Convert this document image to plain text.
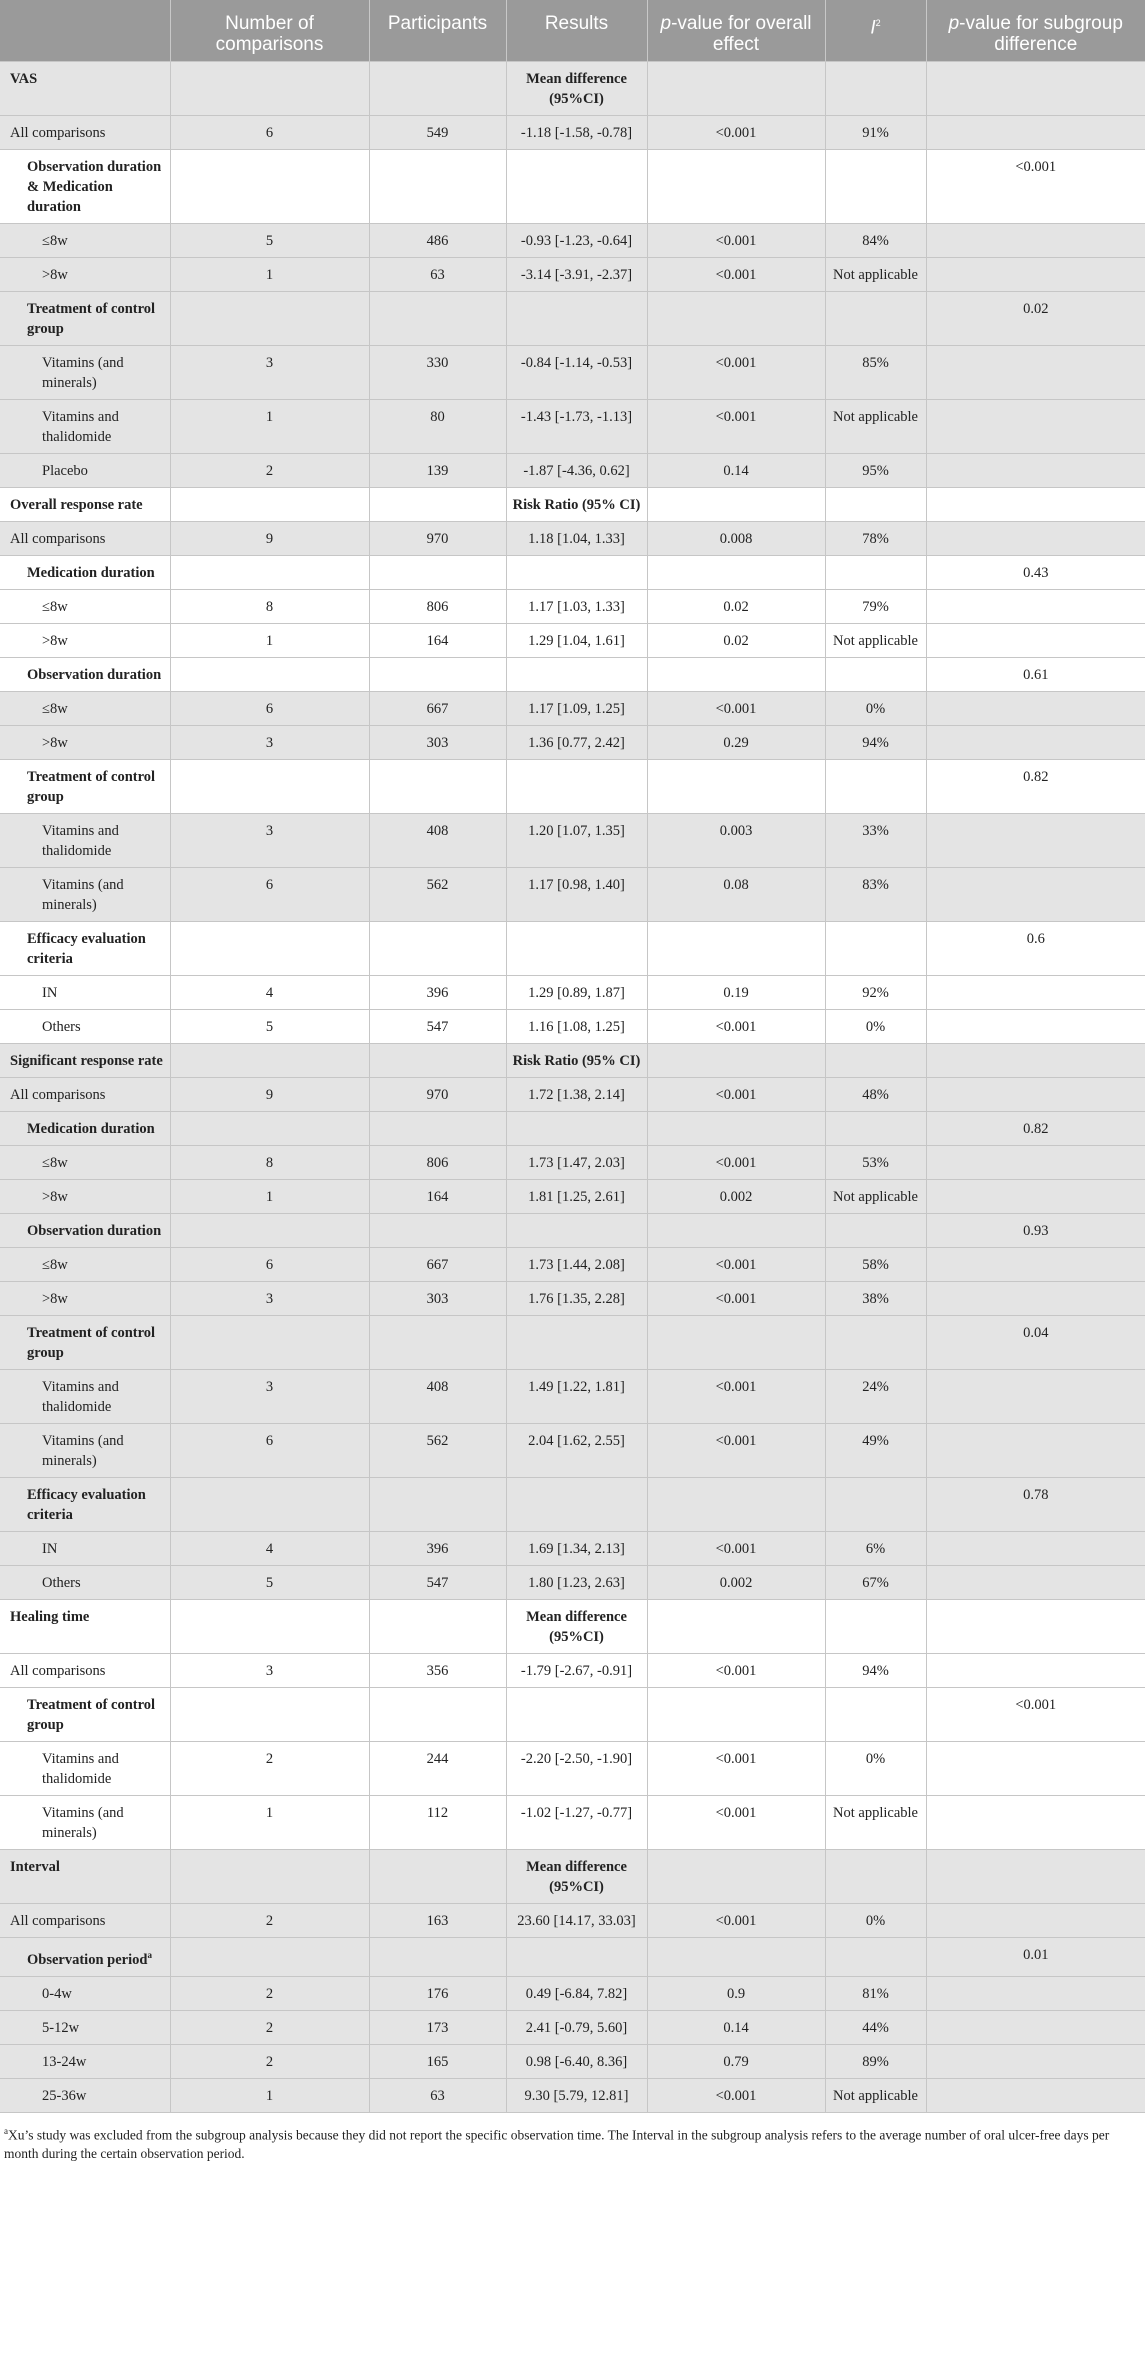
	Number of comparisons	Participants	Results	p-value for overall effect	$I^2$	p-value for subgroup difference
VAS			Mean difference (95%CI)			
All comparisons	6	549	-1.18 [-1.58, -0.78]	<0.001	91%	
Observation duration & Medication duration						<0.001
≤8w	5	486	-0.93 [-1.23, -0.64]	<0.001	84%	
>8w	1	63	-3.14 [-3.91, -2.37]	<0.001	Not applicable	
Treatment of control group						0.02
Vitamins (and minerals)	3	330	-0.84 [-1.14, -0.53]	<0.001	85%	
Vitamins and thalidomide	1	80	-1.43 [-1.73, -1.13]	<0.001	Not applicable	
Placebo	2	139	-1.87 [-4.36, 0.62]	0.14	95%	
Overall response rate			Risk Ratio (95% CI)			
All comparisons	9	970	1.18 [1.04, 1.33]	0.008	78%	
Medication duration						0.43
≤8w	8	806	1.17 [1.03, 1.33]	0.02	79%	
>8w	1	164	1.29 [1.04, 1.61]	0.02	Not applicable	
Observation duration						0.61
≤8w	6	667	1.17 [1.09, 1.25]	<0.001	0%	
>8w	3	303	1.36 [0.77, 2.42]	0.29	94%	
Treatment of control group						0.82
Vitamins and thalidomide	3	408	1.20 [1.07, 1.35]	0.003	33%	
Vitamins (and minerals)	6	562	1.17 [0.98, 1.40]	0.08	83%	
Efficacy evaluation criteria						0.6
IN	4	396	1.29 [0.89, 1.87]	0.19	92%	
Others	5	547	1.16 [1.08, 1.25]	<0.001	0%	
Significant response rate			Risk Ratio (95% CI)			
All comparisons	9	970	1.72 [1.38, 2.14]	<0.001	48%	
Medication duration						0.82
≤8w	8	806	1.73 [1.47, 2.03]	<0.001	53%	
>8w	1	164	1.81 [1.25, 2.61]	0.002	Not applicable	
Observation duration						0.93
≤8w	6	667	1.73 [1.44, 2.08]	<0.001	58%	
>8w	3	303	1.76 [1.35, 2.28]	<0.001	38%	
Treatment of control group						0.04
Vitamins and thalidomide	3	408	1.49 [1.22, 1.81]	<0.001	24%	
Vitamins (and minerals)	6	562	2.04 [1.62, 2.55]	<0.001	49%	
Efficacy evaluation criteria						0.78
IN	4	396	1.69 [1.34, 2.13]	<0.001	6%	
Others	5	547	1.80 [1.23, 2.63]	0.002	67%	
Healing time			Mean difference (95%CI)			
All comparisons	3	356	-1.79 [-2.67, -0.91]	<0.001	94%	
Treatment of control group						<0.001
Vitamins and thalidomide	2	244	-2.20 [-2.50, -1.90]	<0.001	0%	
Vitamins (and minerals)	1	112	-1.02 [-1.27, -0.77]	<0.001	Not applicable	
Interval			Mean difference (95%CI)			
All comparisons	2	163	23.60 [14.17, 33.03]	<0.001	0%	
Observation period$^a$						0.01
0-4w	2	176	0.49 [-6.84, 7.82]	0.9	81%	
5-12w	2	173	2.41 [-0.79, 5.60]	0.14	44%	
13-24w	2	165	0.98 [-6.40, 8.36]	0.79	89%	
25-36w	1	63	9.30 [5.79, 12.81]	<0.001	Not applicable	
$^a$Xu’s study was excluded from the subgroup analysis because they did not report the specific observation time. The Interval in the subgroup analysis refers to the average number of oral ulcer-free days per month during the certain observation period.
